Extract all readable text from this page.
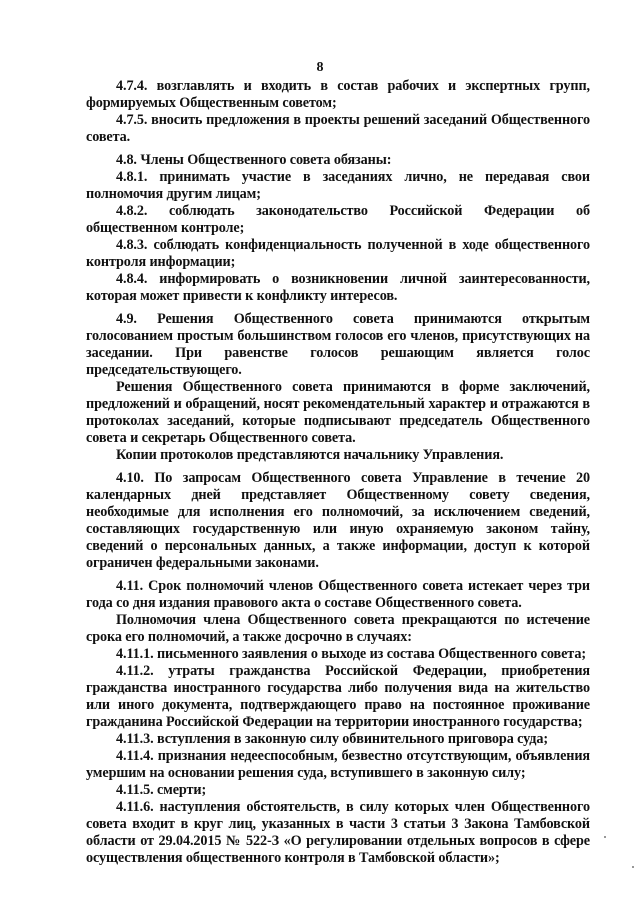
8

4.7.4. возглавлять и входить в состав рабочих и экспертных групп, формируемых Общественным советом;

4.7.5. вносить предложения в проекты решений заседаний Общественного совета.

4.8. Члены Общественного совета обязаны:

4.8.1. принимать участие в заседаниях лично, не передавая свои полномочия другим лицам;

4.8.2. соблюдать законодательство Российской Федерации об общественном контроле;

4.8.3. соблюдать конфиденциальность полученной в ходе общественного контроля информации;

4.8.4. информировать о возникновении личной заинтересованности, которая может привести к конфликту интересов.

4.9. Решения Общественного совета принимаются открытым голосованием простым большинством голосов его членов, присутствующих на заседании. При равенстве голосов решающим является голос председательствующего.

Решения Общественного совета принимаются в форме заключений, предложений и обращений, носят рекомендательный характер и отражаются в протоколах заседаний, которые подписывают председатель Общественного совета и секретарь Общественного совета.

Копии протоколов представляются начальнику Управления.

4.10. По запросам Общественного совета Управление в течение 20 календарных дней представляет Общественному совету сведения, необходимые для исполнения его полномочий, за исключением сведений, составляющих государственную или иную охраняемую законом тайну, сведений о персональных данных, а также информации, доступ к которой ограничен федеральными законами.

4.11. Срок полномочий членов Общественного совета истекает через три года со дня издания правового акта о составе Общественного совета.

Полномочия члена Общественного совета прекращаются по истечение срока его полномочий, а также досрочно в случаях:

4.11.1. письменного заявления о выходе из состава Общественного совета;

4.11.2. утраты гражданства Российской Федерации, приобретения гражданства иностранного государства либо получения вида на жительство или иного документа, подтверждающего право на постоянное проживание гражданина Российской Федерации на территории иностранного государства;

4.11.3. вступления в законную силу обвинительного приговора суда;

4.11.4. признания недееспособным, безвестно отсутствующим, объявления умершим на основании решения суда, вступившего в законную силу;

4.11.5. смерти;

4.11.6. наступления обстоятельств, в силу которых член Общественного совета входит в круг лиц, указанных в части 3 статьи 3 Закона Тамбовской области от 29.04.2015 № 522-З «О регулировании отдельных вопросов в сфере осуществления общественного контроля в Тамбовской области»;
